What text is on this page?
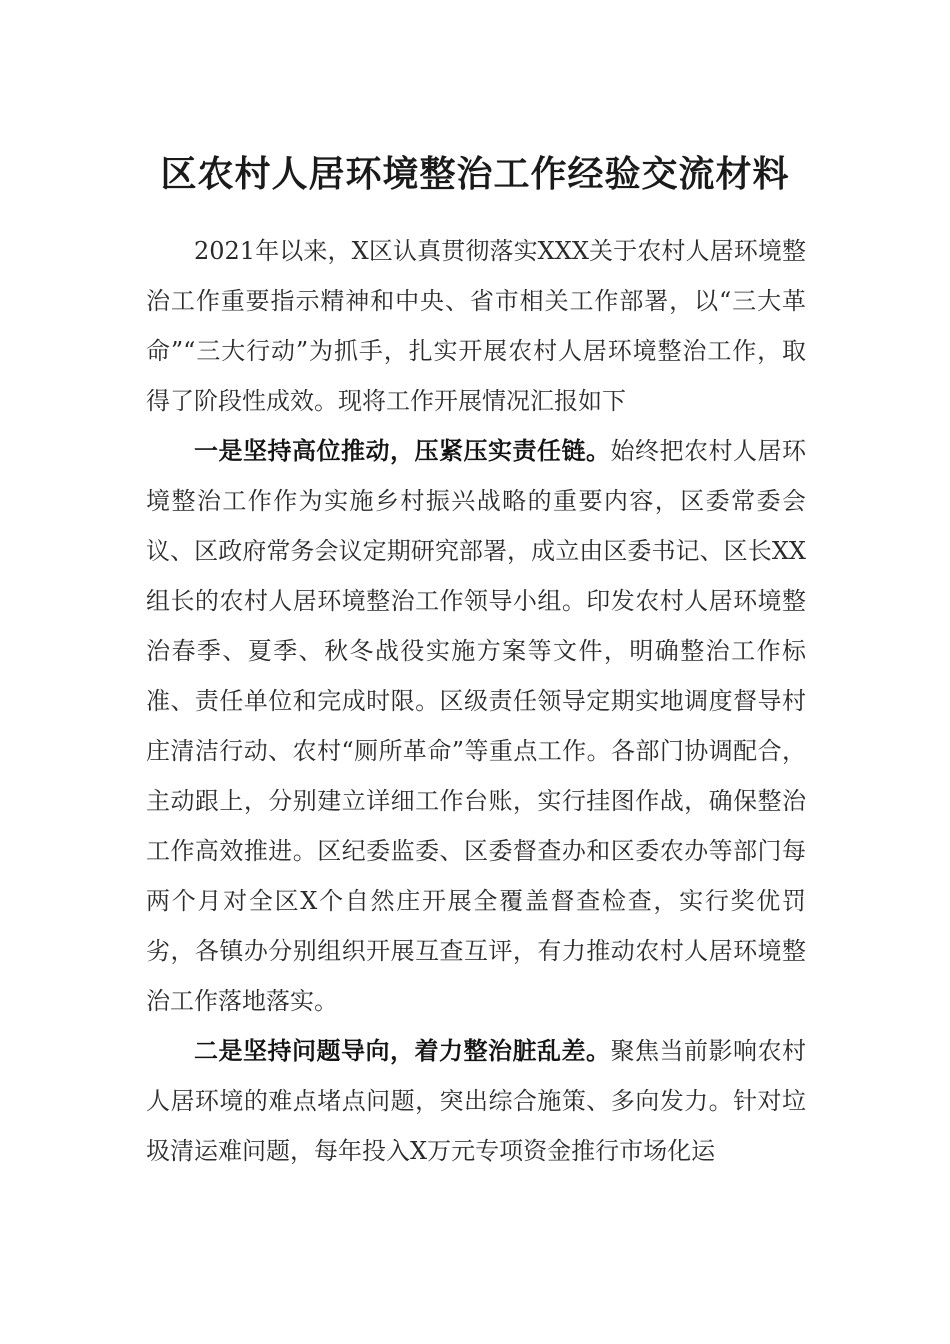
区农村人居环境整治工作经验交流材料

2021年以来，X区认真贯彻落实XXX关于农村人居环境整治工作重要指示精神和中央、省市相关工作部署，以“三大革命”“三大行动”为抓手，扎实开展农村人居环境整治工作，取得了阶段性成效。现将工作开展情况汇报如下

一是坚持高位推动，压紧压实责任链。始终把农村人居环境整治工作作为实施乡村振兴战略的重要内容，区委常委会议、区政府常务会议定期研究部署，成立由区委书记、区长XX组长的农村人居环境整治工作领导小组。印发农村人居环境整治春季、夏季、秋冬战役实施方案等文件，明确整治工作标准、责任单位和完成时限。区级责任领导定期实地调度督导村庄清洁行动、农村“厕所革命”等重点工作。各部门协调配合，主动跟上，分别建立详细工作台账，实行挂图作战，确保整治工作高效推进。区纪委监委、区委督查办和区委农办等部门每两个月对全区X个自然庄开展全覆盖督查检查，实行奖优罚劣，各镇办分别组织开展互查互评，有力推动农村人居环境整治工作落地落实。

二是坚持问题导向，着力整治脏乱差。聚焦当前影响农村人居环境的难点堵点问题，突出综合施策、多向发力。针对垃圾清运难问题，每年投入X万元专项资金推行市场化运
